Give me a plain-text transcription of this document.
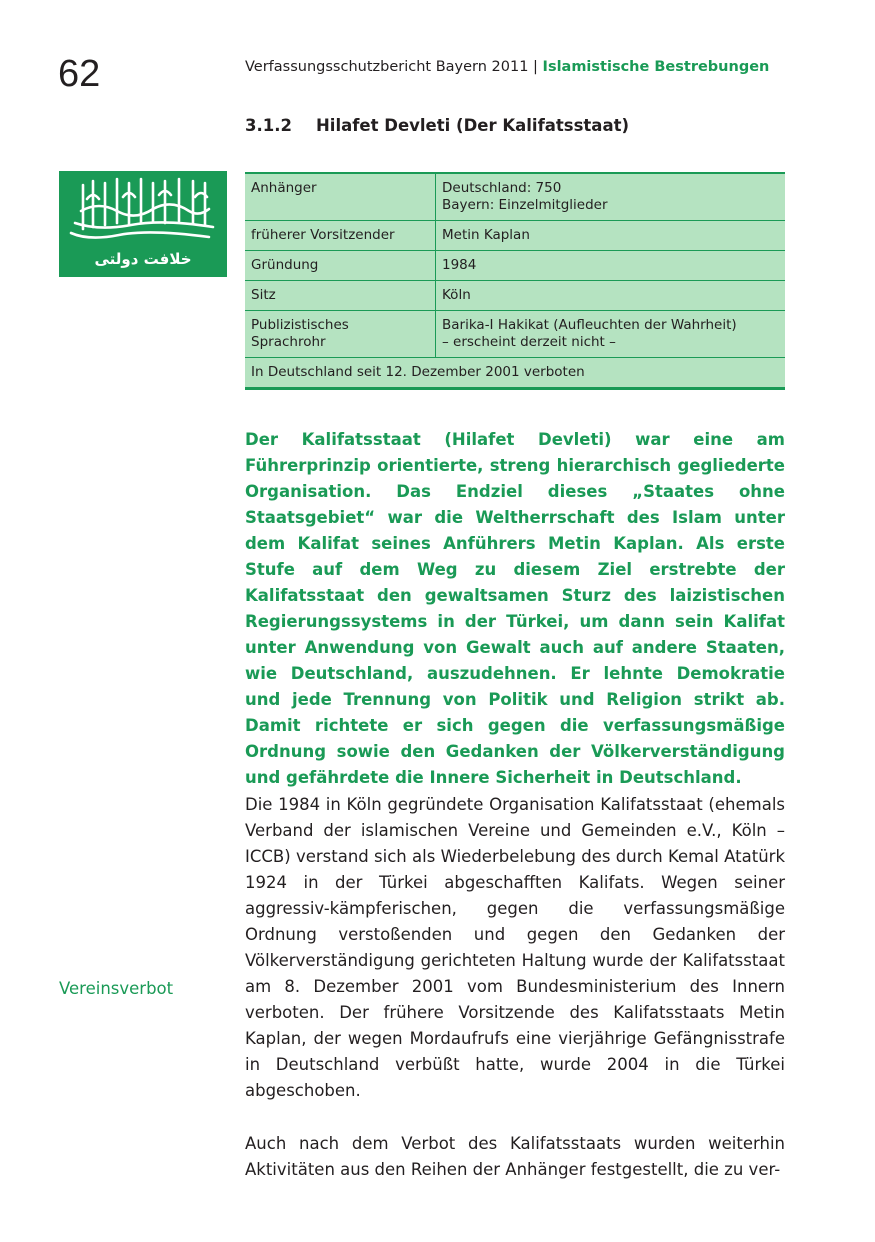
62	Verfassungsschutzbericht Bayern 2011 | Islamistische Bestrebungen
3.1.2 Hilafet Devleti (Der Kalifatsstaat)
خلافت دولتی
Anhänger	Deutschland: 750
Bayern: Einzelmitglieder

früherer Vorsitzender	Metin Kaplan

Gründung	1984

Sitz	Köln

Publizistisches
Sprachrohr	Barika-I Hakikat (Aufleuchten der Wahrheit)
– erscheint derzeit nicht –

In Deutschland seit 12. Dezember 2001 verboten	
Der Kalifatsstaat (Hilafet Devleti) war eine am Führerprinzip orientierte, streng hierarchisch gegliederte Organisation. Das Endziel dieses „Staates ohne Staatsgebiet“ war die Weltherrschaft des Islam unter dem Kalifat seines Anführers Metin Kaplan. Als erste Stufe auf dem Weg zu diesem Ziel erstrebte der Kalifatsstaat den gewaltsamen Sturz des laizistischen Regierungssystems in der Türkei, um dann sein Kalifat unter Anwendung von Gewalt auch auf andere Staaten, wie Deutschland, auszudehnen. Er lehnte Demokratie und jede Trennung von Politik und Religion strikt ab. Damit richtete er sich gegen die verfassungsmäßige Ordnung sowie den Gedanken der Völkerverständigung und gefährdete die Innere Sicherheit in Deutschland.
Die 1984 in Köln gegründete Organisation Kalifatsstaat (ehemals Verband der islamischen Vereine und Gemeinden e.V., Köln – ICCB) verstand sich als Wiederbelebung des durch Kemal Atatürk 1924 in der Türkei abgeschafften Kalifats. Wegen seiner aggressiv-kämpferischen, gegen die verfassungsmäßige Ordnung verstoßenden und gegen den Gedanken der Völkerverständigung gerichteten Haltung wurde der Kalifatsstaat am 8. Dezember 2001 vom Bundesministerium des Innern verboten. Der frühere Vorsitzende des Kalifatsstaats Metin Kaplan, der wegen Mordaufrufs eine vierjährige Gefängnisstrafe in Deutschland verbüßt hatte, wurde 2004 in die Türkei abgeschoben.
Vereinsverbot
Auch nach dem Verbot des Kalifatsstaats wurden weiterhin Aktivitäten aus den Reihen der Anhänger festgestellt, die zu ver-
